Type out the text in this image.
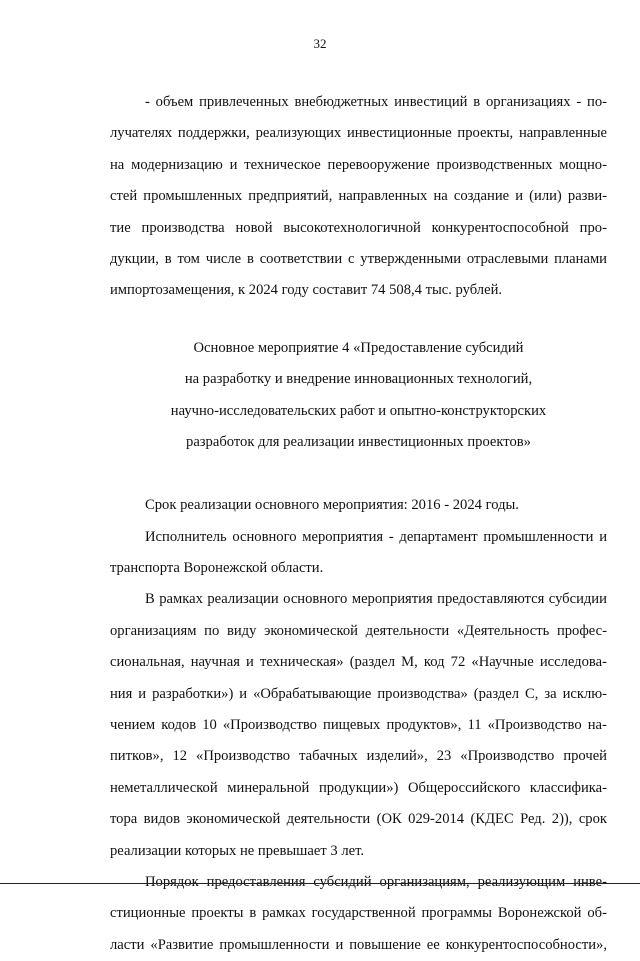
32
- объем привлеченных внебюджетных инвестиций в организациях - по-
лучателях поддержки, реализующих инвестиционные проекты, направленные
на модернизацию и техническое перевооружение производственных мощно-
стей промышленных предприятий, направленных на создание и (или) разви-
тие производства новой высокотехнологичной конкурентоспособной про-
дукции, в том числе в соответствии с утвержденными отраслевыми планами
импортозамещения, к 2024 году составит 74 508,4 тыс. рублей.
Основное мероприятие 4 «Предоставление субсидий
на разработку и внедрение инновационных технологий,
научно-исследовательских работ и опытно-конструкторских
разработок для реализации инвестиционных проектов»
Срок реализации основного мероприятия: 2016 - 2024 годы.
Исполнитель основного мероприятия - департамент промышленности и
транспорта Воронежской области.
В рамках реализации основного мероприятия предоставляются субсидии
организациям по виду экономической деятельности «Деятельность профес-
сиональная, научная и техническая» (раздел М, код 72 «Научные исследова-
ния и разработки») и «Обрабатывающие производства» (раздел С, за исклю-
чением кодов 10 «Производство пищевых продуктов», 11 «Производство на-
питков», 12 «Производство табачных изделий», 23 «Производство прочей
неметаллической минеральной продукции») Общероссийского классифика-
тора видов экономической деятельности (ОК 029-2014 (КДЕС Ред. 2)), срок
реализации которых не превышает 3 лет.
Порядок предоставления субсидий организациям, реализующим инве-
стиционные проекты в рамках государственной программы Воронежской об-
ласти «Развитие промышленности и повышение ее конкурентоспособности»,
